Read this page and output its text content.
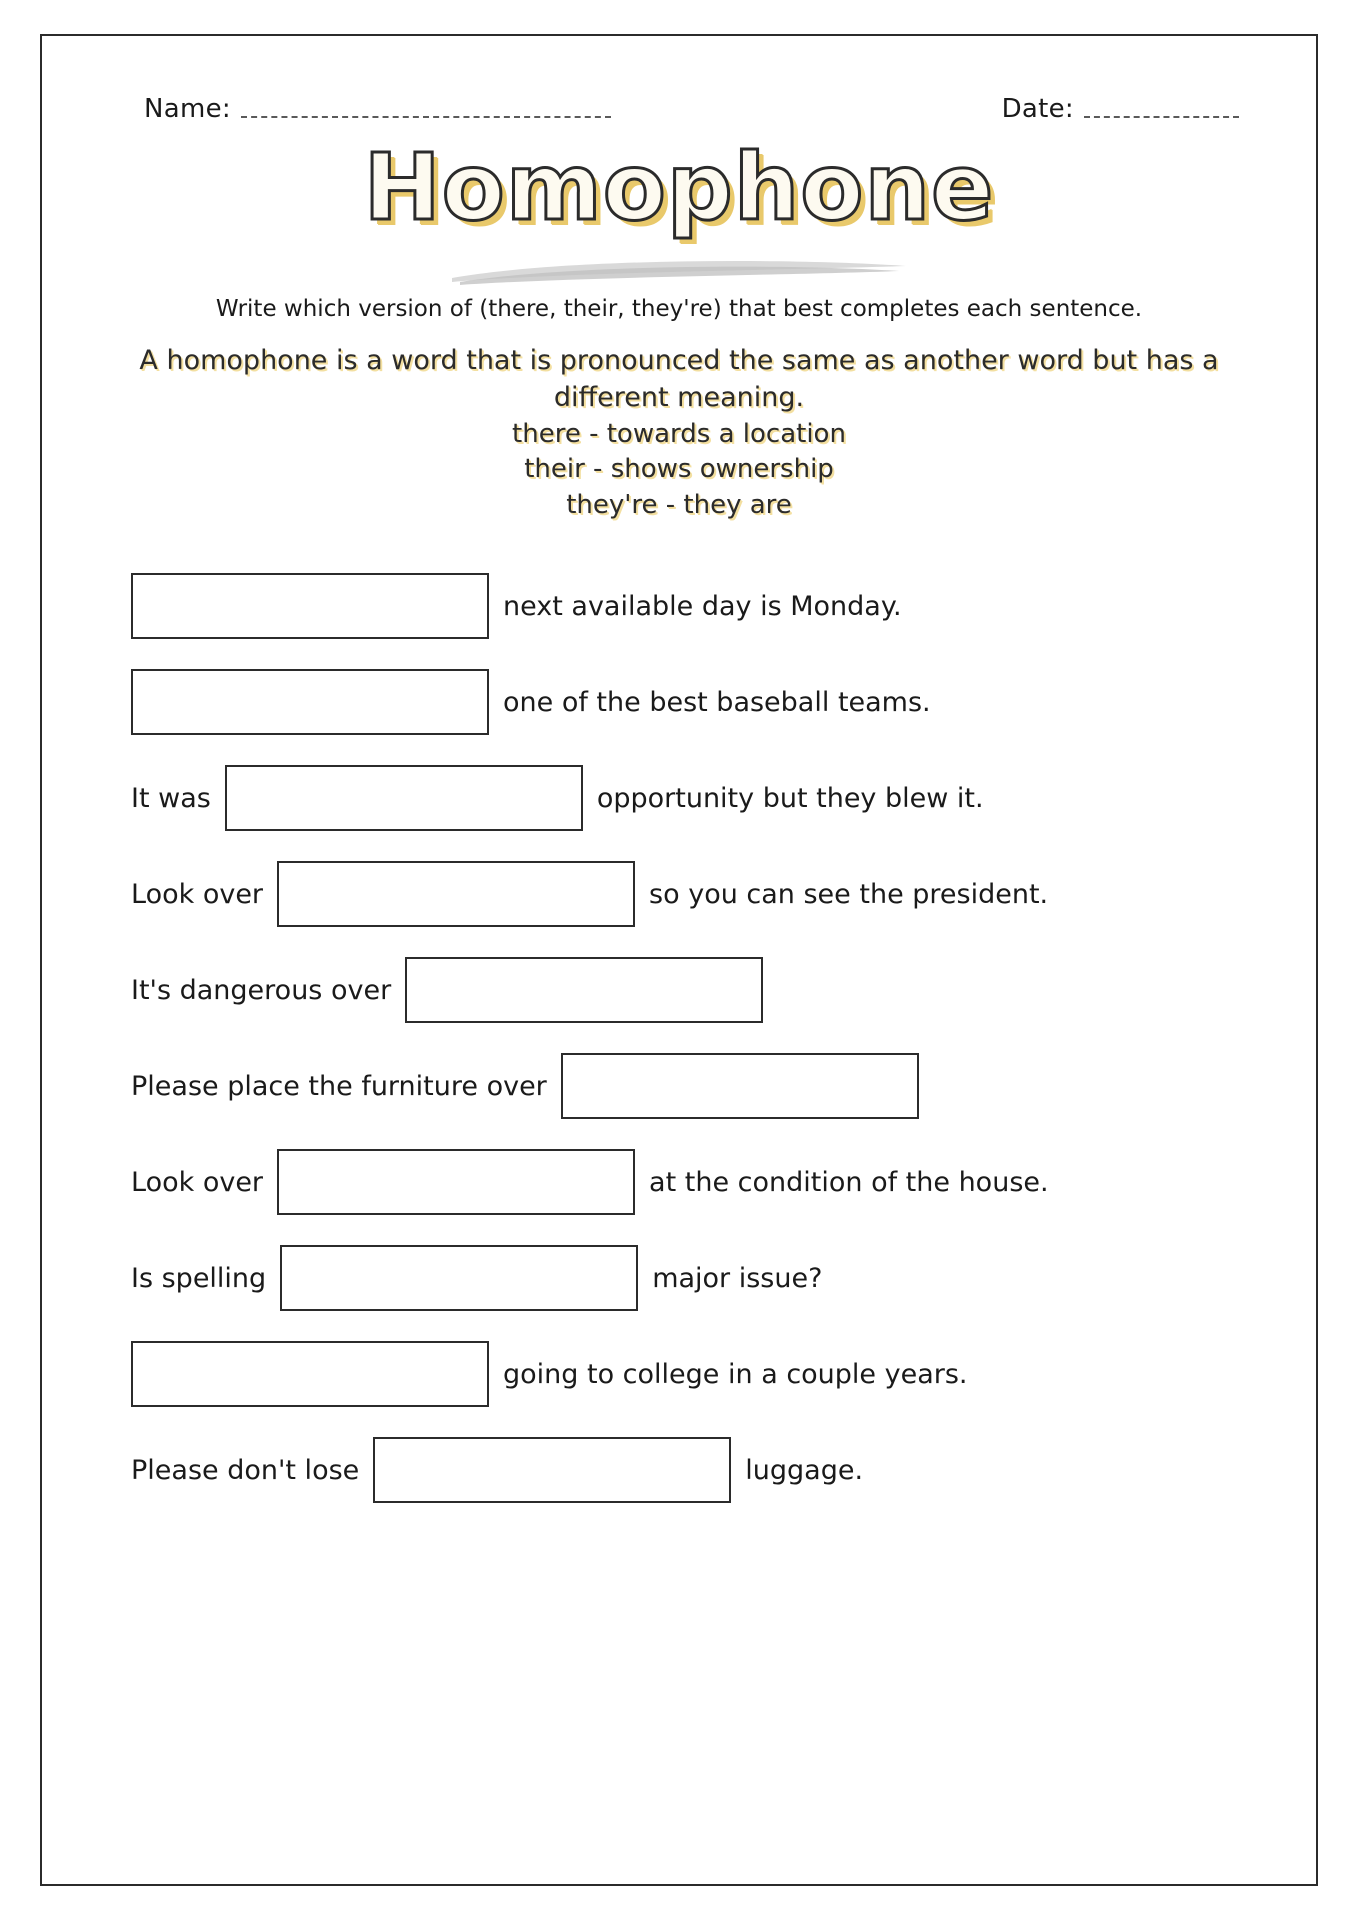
Name:	Date:
Homophone
Write which version of (there, their, they're) that best completes each sentence.
A homophone is a word that is pronounced the same as another word but has a
different meaning.
there - towards a location
their - shows ownership
they're - they are
next available day is Monday.
one of the best baseball teams.
It was	opportunity but they blew it.
Look over	so you can see the president.
It's dangerous over
Please place the furniture over
Look over	at the condition of the house.
Is spelling	major issue?
going to college in a couple years.
Please don't lose	luggage.
